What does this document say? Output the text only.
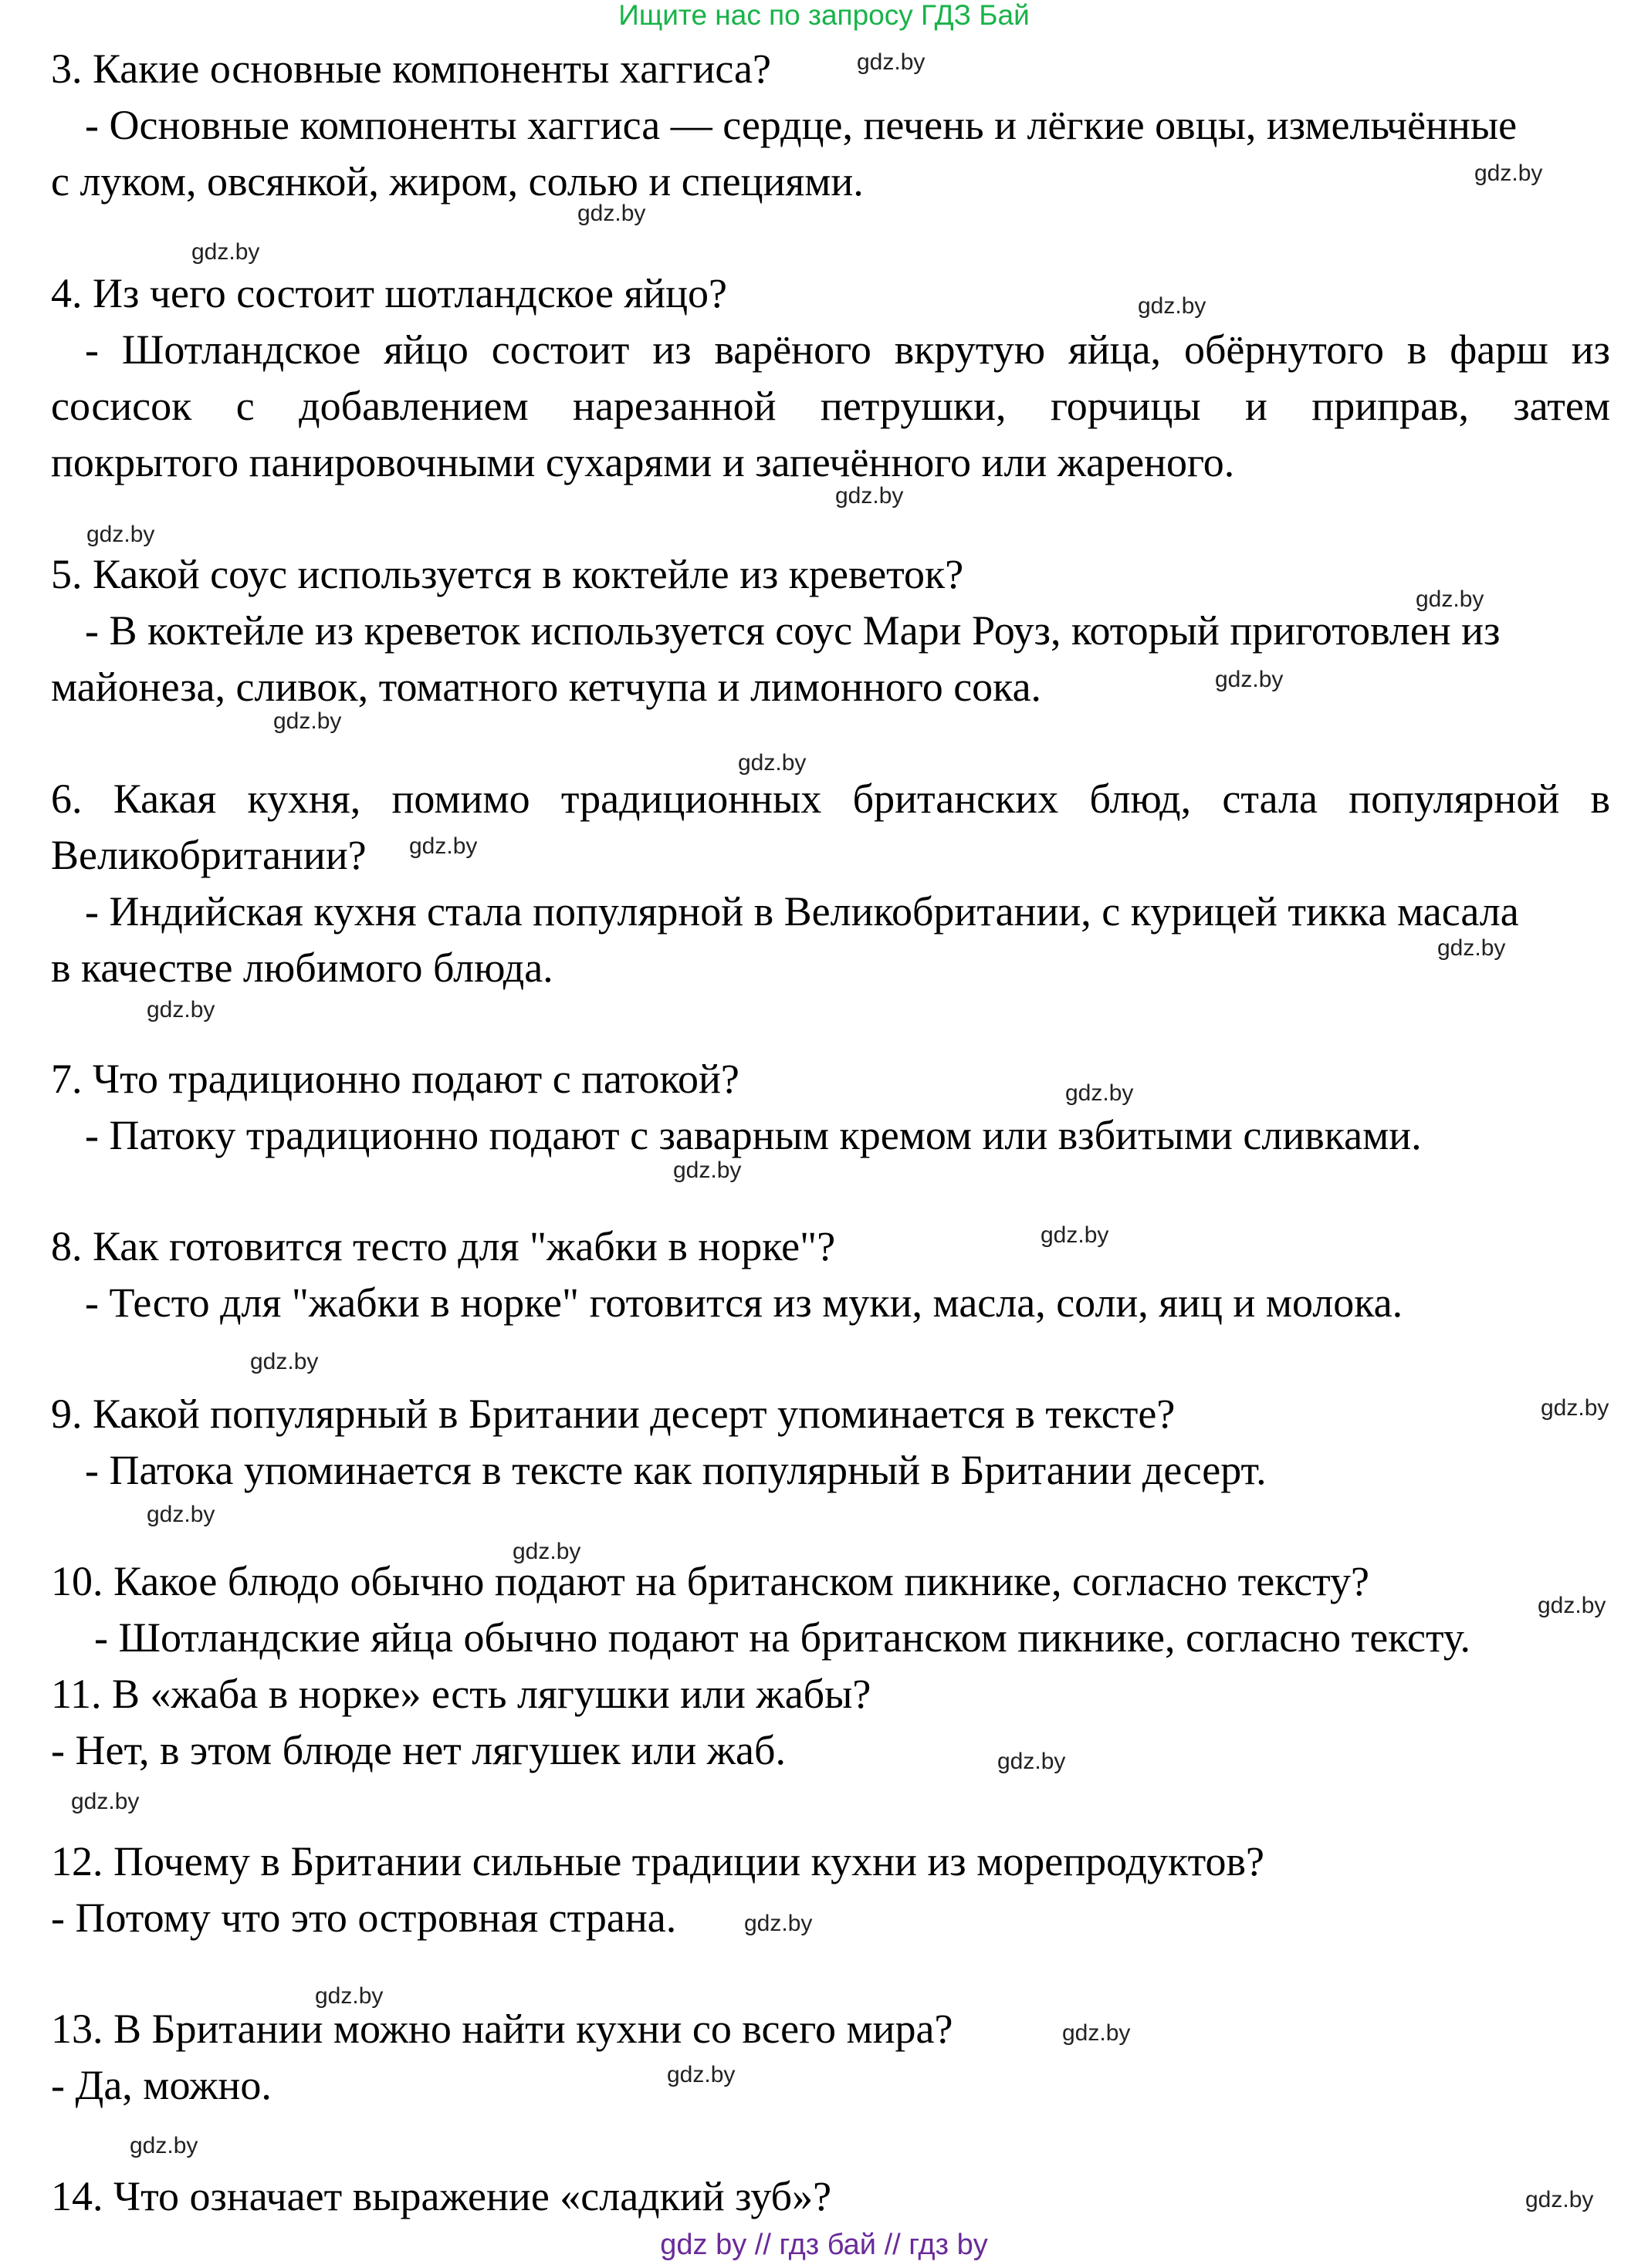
Ищите нас по запросу ГДЗ Бай
3. Какие основные компоненты хаггиса?
- Основные компоненты хаггиса — сердце, печень и лёгкие овцы, измельчённые
с луком, овсянкой, жиром, солью и специями.
4. Из чего состоит шотландское яйцо?
- Шотландское яйцо состоит из варёного вкрутую яйца, обёрнутого в фарш из
сосисок с добавлением нарезанной петрушки, горчицы и приправ, затем
покрытого панировочными сухарями и запечённого или жареного.
5. Какой соус используется в коктейле из креветок?
- В коктейле из креветок используется соус Мари Роуз, который приготовлен из
майонеза, сливок, томатного кетчупа и лимонного сока.
6. Какая кухня, помимо традиционных британских блюд, стала популярной в
Великобритании?
- Индийская кухня стала популярной в Великобритании, с курицей тикка масала
в качестве любимого блюда.
7. Что традиционно подают с патокой?
- Патоку традиционно подают с заварным кремом или взбитыми сливками.
8. Как готовится тесто для "жабки в норке"?
- Тесто для "жабки в норке" готовится из муки, масла, соли, яиц и молока.
9. Какой популярный в Британии десерт упоминается в тексте?
- Патока упоминается в тексте как популярный в Британии десерт.
10. Какое блюдо обычно подают на британском пикнике, согласно тексту?
- Шотландские яйца обычно подают на британском пикнике, согласно тексту.
11. В «жаба в норке» есть лягушки или жабы?
- Нет, в этом блюде нет лягушек или жаб.
12. Почему в Британии сильные традиции кухни из морепродуктов?
- Потому что это островная страна.
13. В Британии можно найти кухни со всего мира?
- Да, можно.
14. Что означает выражение «сладкий зуб»?
gdz.by
gdz.by
gdz.by
gdz.by
gdz.by
gdz.by
gdz.by
gdz.by
gdz.by
gdz.by
gdz.by
gdz.by
gdz.by
gdz.by
gdz.by
gdz.by
gdz.by
gdz.by
gdz.by
gdz.by
gdz.by
gdz.by
gdz.by
gdz.by
gdz.by
gdz.by
gdz.by
gdz.by
gdz.by
gdz.by
gdz by // гдз бай // гдз by
